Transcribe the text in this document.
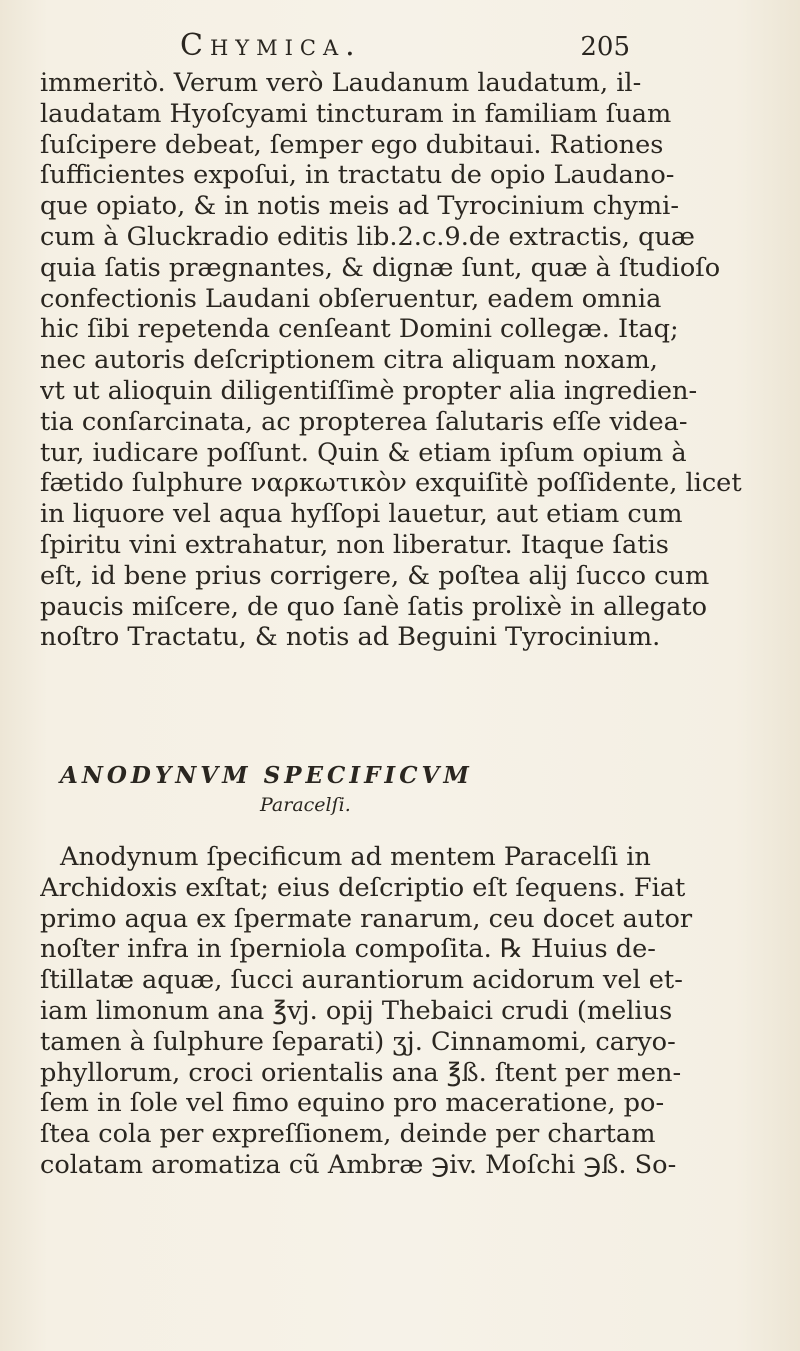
Chymica.	205
immeritò. Verum verò Laudanum laudatum, il-
laudatam Hyoſcyami tincturam in familiam ſuam
ſuſcipere debeat, ſemper ego dubitaui. Rationes
ſufficientes expoſui, in tractatu de opio Laudano-
que opiato, & in notis meis ad Tyrocinium chymi-
cum à Gluckradio editis lib.2.c.9.de extractis, quæ
quia ſatis prægnantes, & dignæ ſunt, quæ à ſtudioſo
confectionis Laudani obſeruentur, eadem omnia
hic ſibi repetenda cenſeant Domini collegæ. Itaq;
nec autoris deſcriptionem citra aliquam noxam,
vt ut alioquin diligentiſſimè propter alia ingredien-
tia conſarcinata, ac propterea ſalutaris eſſe videa-
tur, iudicare poſſunt. Quin & etiam ipſum opium à
fætido ſulphure ναρκωτικὸν exquiſitè poſſidente, licet
in liquore vel aqua hyſſopi lauetur, aut etiam cum
ſpiritu vini extrahatur, non liberatur. Itaque ſatis
eſt, id bene prius corrigere, & poſtea alij ſucco cum
paucis miſcere, de quo ſanè ſatis prolixè in allegato
noſtro Tractatu, & notis ad Beguini Tyrocinium.
ANODYNVM SPECIFICVM
Paracelſi.
Anodynum ſpecificum ad mentem Paracelſi in
Archidoxis exſtat; eius deſcriptio eſt ſequens. Fiat
primo aqua ex ſpermate ranarum, ceu docet autor
noſter infra in ſperniola compoſita. ℞ Huius de-
ſtillatæ aquæ, ſucci aurantiorum acidorum vel et-
iam limonum ana ℥vj. opij Thebaici crudi (melius
tamen à ſulphure ſeparati) ʒj. Cinnamomi, caryo-
phyllorum, croci orientalis ana ℥ß. ſtent per men-
ſem in ſole vel fimo equino pro maceratione, po-
ſtea cola per expreſſionem, deinde per chartam
colatam aromatiza cũ Ambræ ℈iv. Moſchi ℈ß. So-
